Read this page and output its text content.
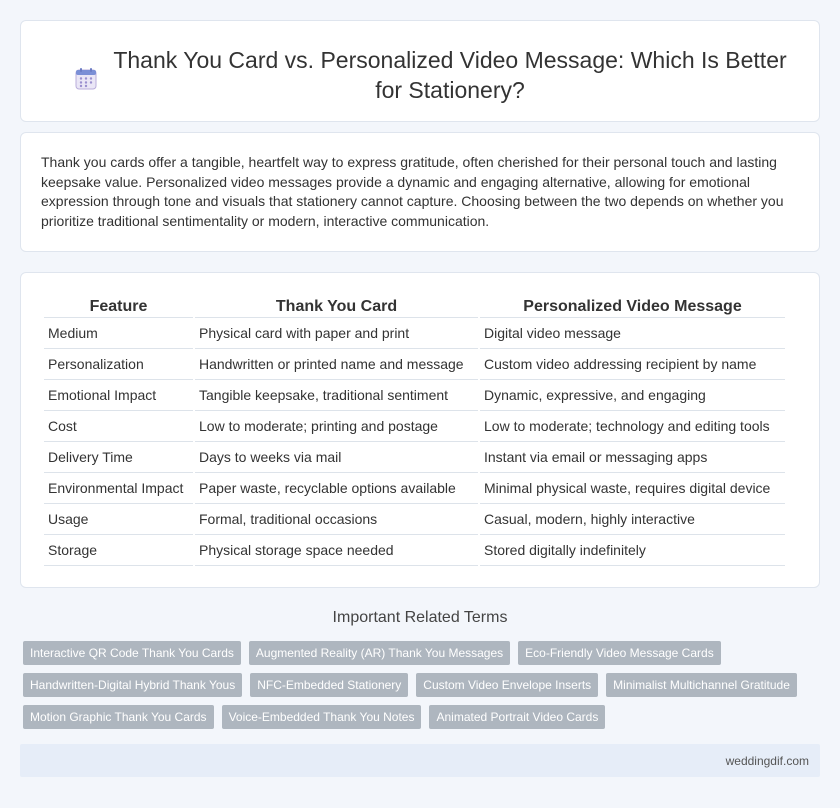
Thank You Card vs. Personalized Video Message: Which Is Better for Stationery?

Thank you cards offer a tangible, heartfelt way to express gratitude, often cherished for their personal touch and lasting keepsake value. Personalized video messages provide a dynamic and engaging alternative, allowing for emotional expression through tone and visuals that stationery cannot capture. Choosing between the two depends on whether you prioritize traditional sentimentality or modern, interactive communication.

Feature	Thank You Card	Personalized Video Message
Medium	Physical card with paper and print	Digital video message
Personalization	Handwritten or printed name and message	Custom video addressing recipient by name
Emotional Impact	Tangible keepsake, traditional sentiment	Dynamic, expressive, and engaging
Cost	Low to moderate; printing and postage	Low to moderate; technology and editing tools
Delivery Time	Days to weeks via mail	Instant via email or messaging apps
Environmental Impact	Paper waste, recyclable options available	Minimal physical waste, requires digital device
Usage	Formal, traditional occasions	Casual, modern, highly interactive
Storage	Physical storage space needed	Stored digitally indefinitely
Important Related Terms
Interactive QR Code Thank You Cards	Augmented Reality (AR) Thank You Messages	Eco-Friendly Video Message Cards
Handwritten-Digital Hybrid Thank Yous	NFC-Embedded Stationery	Custom Video Envelope Inserts	Minimalist Multichannel Gratitude
Motion Graphic Thank You Cards	Voice-Embedded Thank You Notes	Animated Portrait Video Cards
weddingdif.com
